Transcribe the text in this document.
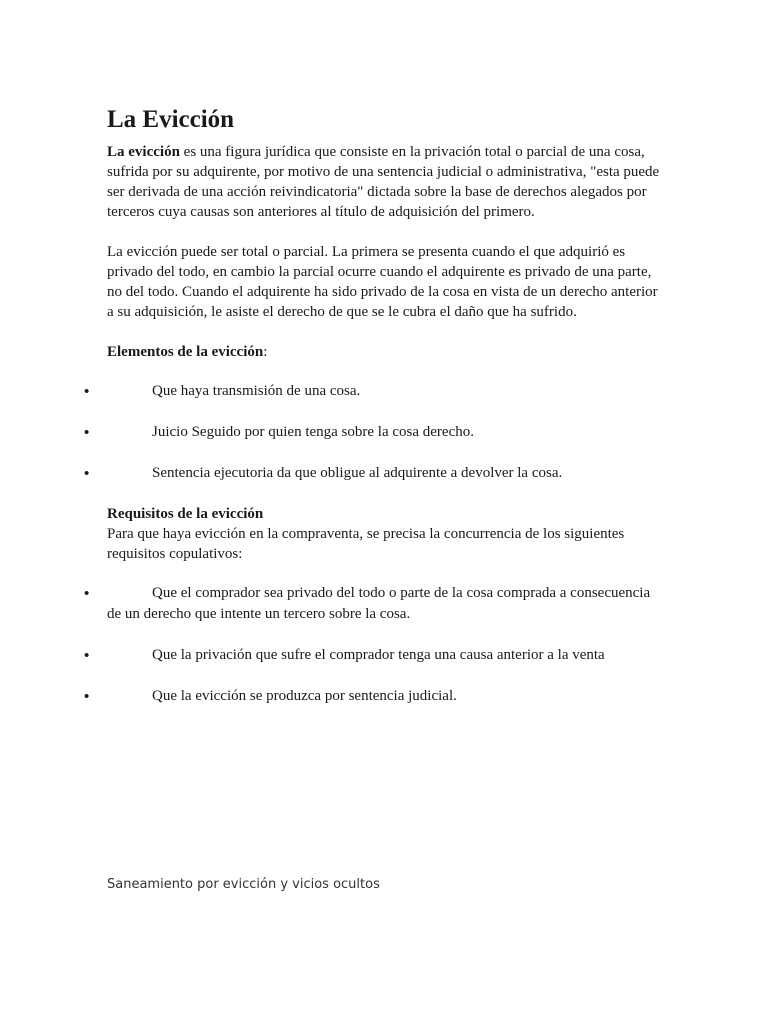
La Evicción

La evicción es una figura jurídica que consiste en la privación total o parcial de una cosa, sufrida por su adquirente, por motivo de una sentencia judicial o administrativa, "esta puede ser derivada de una acción reivindicatoria" dictada sobre la base de derechos alegados por terceros cuya causas son anteriores al título de adquisición del primero.

La evicción puede ser total o parcial. La primera se presenta cuando el que adquirió es privado del todo, en cambio la parcial ocurre cuando el adquirente es privado de una parte, no del todo. Cuando el adquirente ha sido privado de la cosa en vista de un derecho anterior a su adquisición, le asiste el derecho de que se le cubra el daño que ha sufrido.

Elementos de la evicción:

•	Que haya transmisión de una cosa.
•	Juicio Seguido por quien tenga sobre la cosa derecho.
•	Sentencia ejecutoria da que obligue al adquirente a devolver la cosa.

Requisitos de la evicción

Para que haya evicción en la compraventa, se precisa la concurrencia de los siguientes requisitos copulativos:

•	Que el comprador sea privado del todo o parte de la cosa comprada a consecuencia de un derecho que intente un tercero sobre la cosa.
•	Que la privación que sufre el comprador tenga una causa anterior a la venta
•	Que la evicción se produzca por sentencia judicial.
Saneamiento por evicción y vicios ocultos
